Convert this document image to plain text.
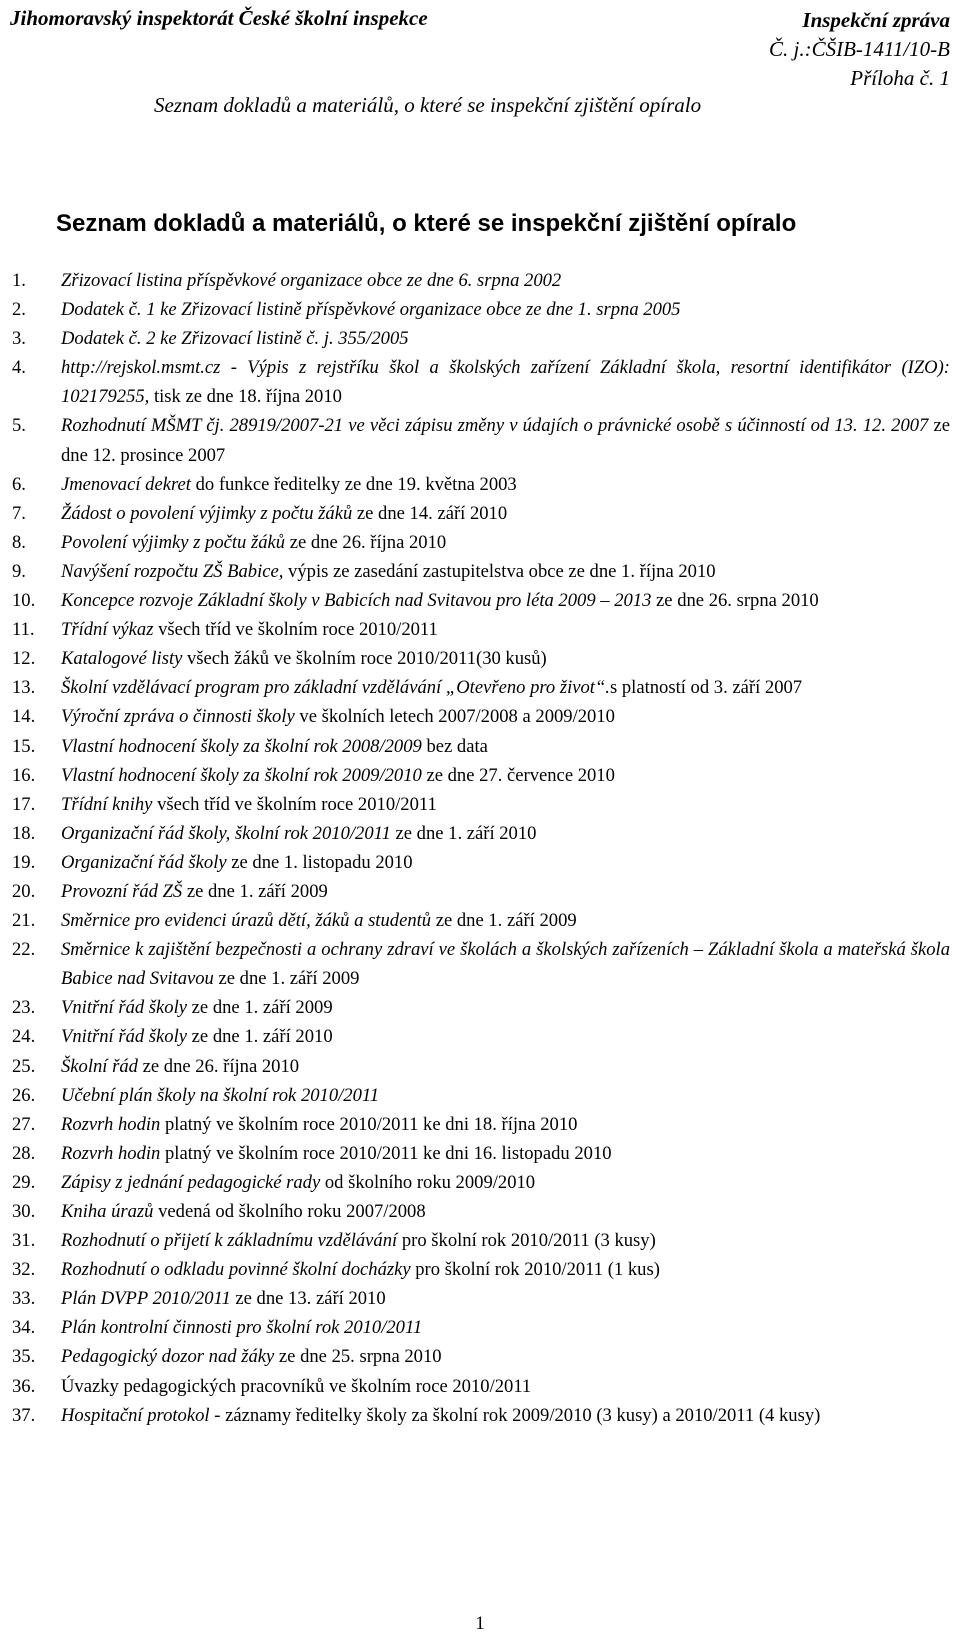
Jihomoravský inspektorát České školní inspekce	Inspekční zpráva
Č. j.:ČŠIB-1411/10-B
Příloha č. 1
Seznam dokladů a materiálů, o které se inspekční zjištění opíralo
Seznam dokladů a materiálů, o které se inspekční zjištění opíralo
1. Zřizovací listina příspěvkové organizace obce ze dne 6. srpna 2002
2. Dodatek č. 1 ke Zřizovací listině příspěvkové organizace obce ze dne 1. srpna 2005
3. Dodatek č. 2 ke Zřizovací listině č. j. 355/2005
4. http://rejskol.msmt.cz - Výpis z rejstříku škol a školských zařízení Základní škola, resortní identifikátor (IZO): 102179255, tisk ze dne 18. října 2010
5. Rozhodnutí MŠMT čj. 28919/2007-21 ve věci zápisu změny v údajích o právnické osobě s účinností od 13. 12. 2007 ze dne 12. prosince 2007
6. Jmenovací dekret do funkce ředitelky ze dne 19. května 2003
7. Žádost o povolení výjimky z počtu žáků ze dne 14. září 2010
8. Povolení výjimky z počtu žáků ze dne 26. října 2010
9. Navýšení rozpočtu ZŠ Babice, výpis ze zasedání zastupitelstva obce ze dne 1. října 2010
10. Koncepce rozvoje Základní školy v Babicích nad Svitavou pro léta 2009 – 2013 ze dne 26. srpna 2010
11. Třídní výkaz všech tříd ve školním roce 2010/2011
12. Katalogové listy všech žáků ve školním roce 2010/2011(30 kusů)
13. Školní vzdělávací program pro základní vzdělávání „Otevřeno pro život“.s platností od 3. září 2007
14. Výroční zpráva o činnosti školy ve školních letech 2007/2008 a 2009/2010
15. Vlastní hodnocení školy za školní rok 2008/2009 bez data
16. Vlastní hodnocení školy za školní rok 2009/2010 ze dne 27. července 2010
17. Třídní knihy všech tříd ve školním roce 2010/2011
18. Organizační řád školy, školní rok 2010/2011 ze dne 1. září 2010
19. Organizační řád školy ze dne 1. listopadu 2010
20. Provozní řád ZŠ ze dne 1. září 2009
21. Směrnice pro evidenci úrazů dětí, žáků a studentů ze dne 1. září 2009
22. Směrnice k zajištění bezpečnosti a ochrany zdraví ve školách a školských zařízeních – Základní škola a mateřská škola Babice nad Svitavou ze dne 1. září 2009
23. Vnitřní řád školy ze dne 1. září 2009
24. Vnitřní řád školy ze dne 1. září 2010
25. Školní řád ze dne 26. října 2010
26. Učební plán školy na školní rok 2010/2011
27. Rozvrh hodin platný ve školním roce 2010/2011 ke dni 18. října 2010
28. Rozvrh hodin platný ve školním roce 2010/2011 ke dni 16. listopadu 2010
29. Zápisy z jednání pedagogické rady od školního roku 2009/2010
30. Kniha úrazů vedená od školního roku 2007/2008
31. Rozhodnutí o přijetí k základnímu vzdělávání pro školní rok 2010/2011 (3 kusy)
32. Rozhodnutí o odkladu povinné školní docházky pro školní rok 2010/2011 (1 kus)
33. Plán DVPP 2010/2011 ze dne 13. září 2010
34. Plán kontrolní činnosti pro školní rok 2010/2011
35. Pedagogický dozor nad žáky ze dne 25. srpna 2010
36. Úvazky pedagogických pracovníků ve školním roce 2010/2011
37. Hospitační protokol - záznamy ředitelky školy za školní rok 2009/2010 (3 kusy) a 2010/2011 (4 kusy)
1
